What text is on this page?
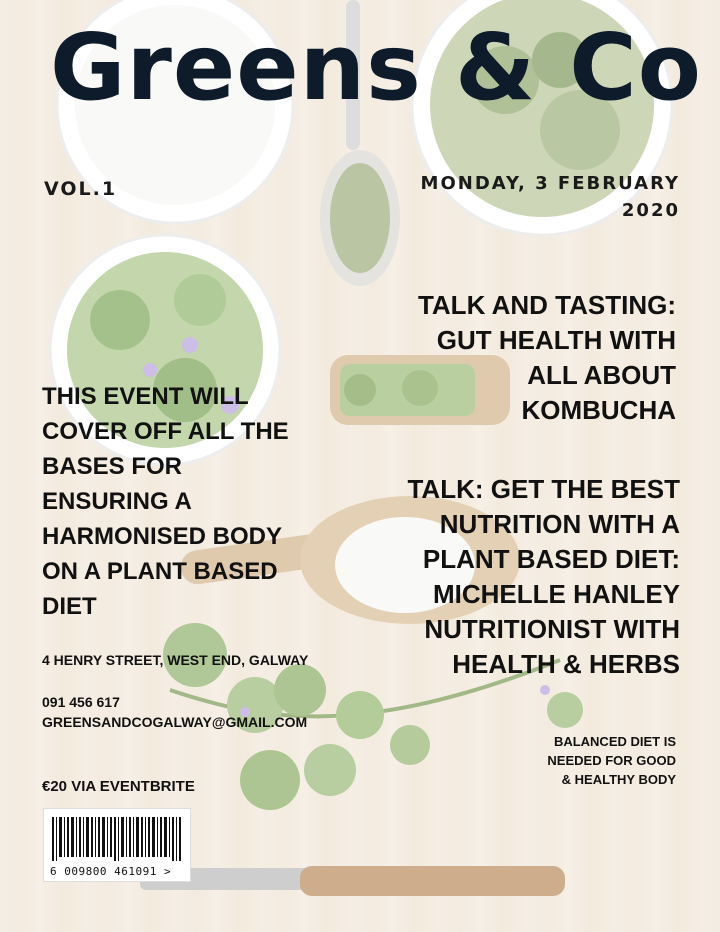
Greens & Co
VOL.1	MONDAY, 3 FEBRUARY
2020
THIS EVENT WILL
COVER OFF ALL THE
BASES FOR
ENSURING A
HARMONISED BODY
ON A PLANT BASED
DIET
TALK AND TASTING:
GUT HEALTH WITH
ALL ABOUT
KOMBUCHA
TALK: GET THE BEST
NUTRITION WITH A
PLANT BASED DIET:
MICHELLE HANLEY
NUTRITIONIST WITH
HEALTH & HERBS
4 HENRY STREET, WEST END, GALWAY
091 456 617
GREENSANDCOGALWAY@GMAIL.COM
€20 VIA EVENTBRITE
BALANCED DIET IS
NEEDED FOR GOOD
& HEALTHY BODY
6 009800 461091 >
